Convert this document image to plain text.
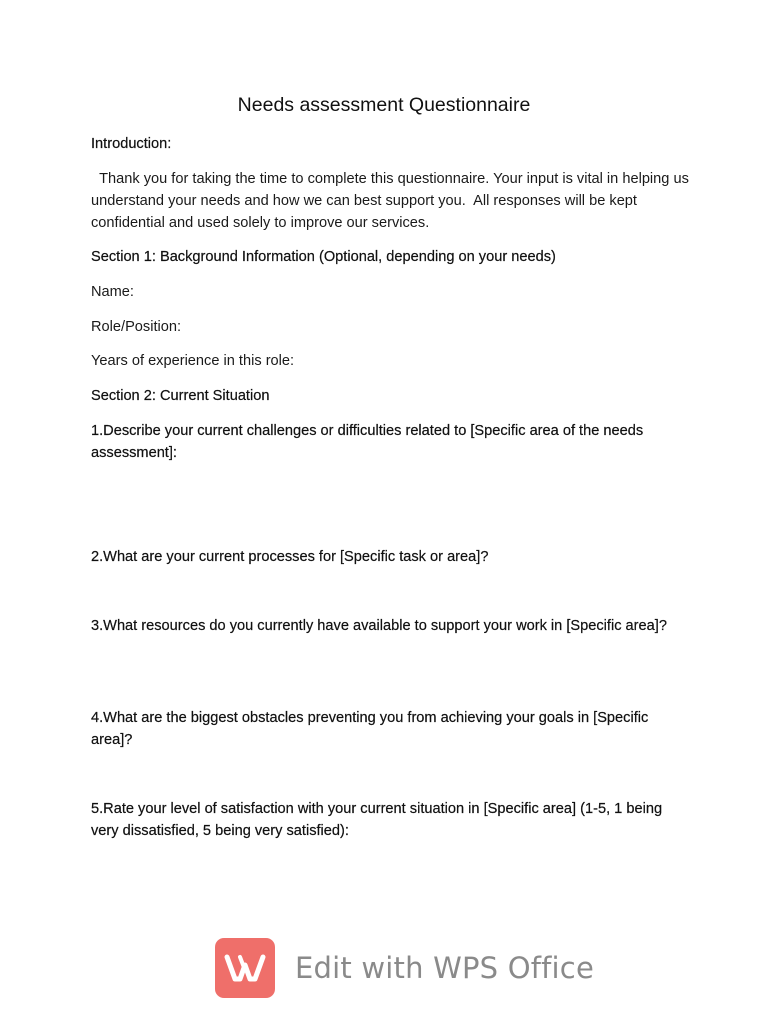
Needs assessment Questionnaire
Introduction:
Thank you for taking the time to complete this questionnaire. Your input is vital in helping us understand your needs and how we can best support you.  All responses will be kept confidential and used solely to improve our services.
Section 1: Background Information (Optional, depending on your needs)
Name:
Role/Position:
Years of experience in this role:
Section 2: Current Situation
1.Describe your current challenges or difficulties related to [Specific area of the needs assessment]:
2.What are your current processes for [Specific task or area]?
3.What resources do you currently have available to support your work in [Specific area]?
4.What are the biggest obstacles preventing you from achieving your goals in [Specific area]?
5.Rate your level of satisfaction with your current situation in [Specific area] (1-5, 1 being very dissatisfied, 5 being very satisfied):
Edit with WPS Office
